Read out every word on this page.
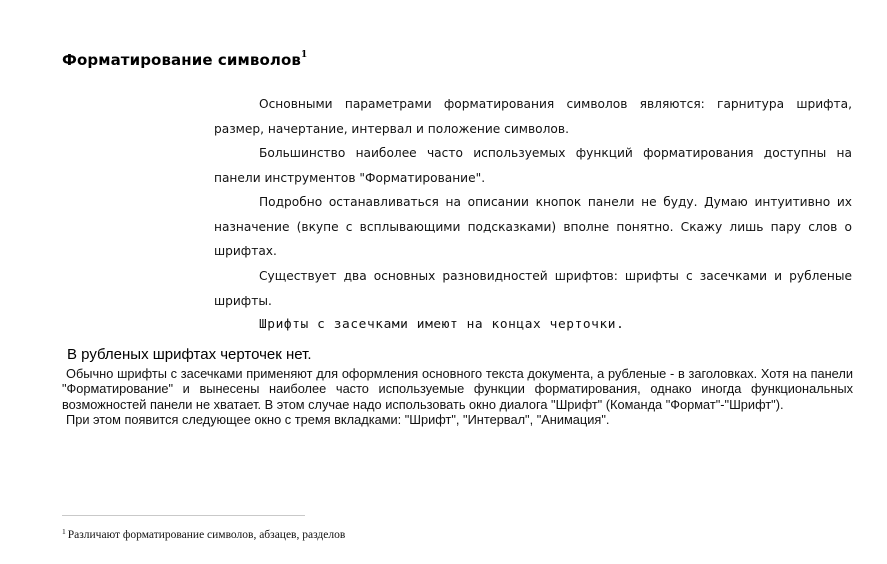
Форматирование символов$^1$

Основными параметрами форматирования символов являются: гарнитура шрифта, размер, начертание, интервал и положение символов.

Большинство наиболее часто используемых функций форматирования доступны на панели инструментов "Форматирование".

Подробно останавливаться на описании кнопок панели не буду. Думаю интуитивно их назначение (вкупе с всплывающими подсказками) вполне понятно. Скажу лишь пару слов о шрифтах.

Существует два основных разновидностей шрифтов: шрифты с засечками и рубленые шрифты.

Шрифты с засечками имеют на концах черточки.
В рубленых шрифтах черточек нет.

Обычно шрифты с засечками применяют для оформления основного текста документа, а рубленые - в заголовках. Хотя на панели "Форматирование" и вынесены наиболее часто используемые функции форматирования, однако иногда функциональных возможностей панели не хватает. В этом случае надо использовать окно диалога "Шрифт" (Команда "Формат"-"Шрифт").

При этом появится следующее окно с тремя вкладками: "Шрифт", "Интервал", "Анимация".

$^1$ Различают форматирование символов, абзацев, разделов
